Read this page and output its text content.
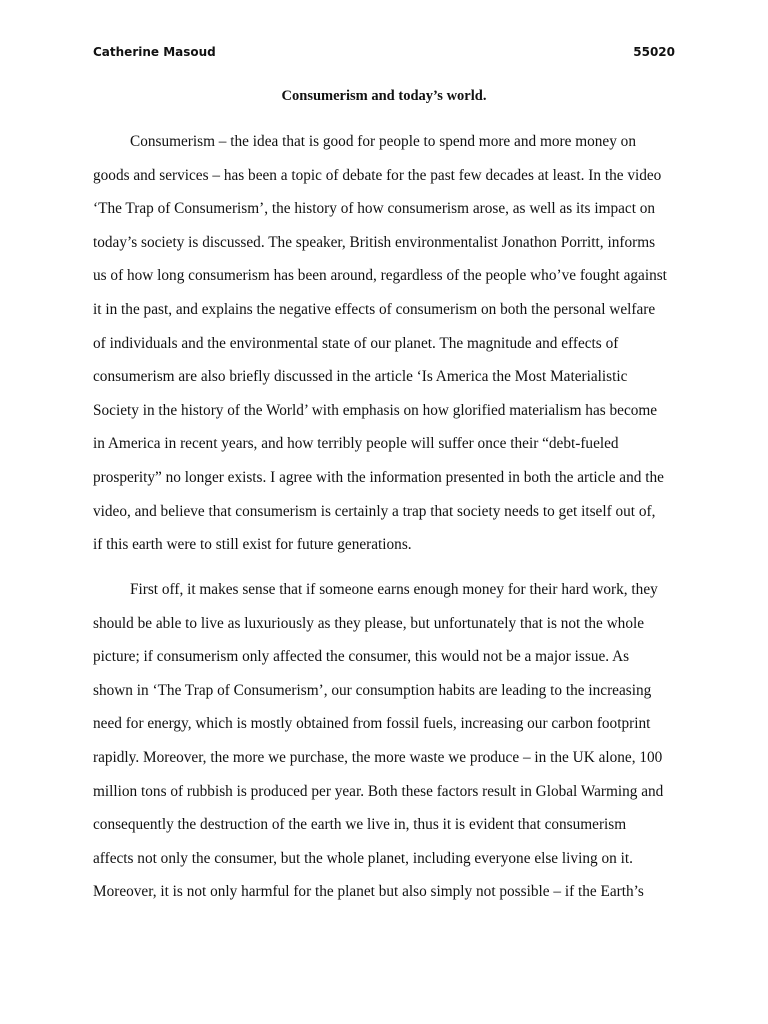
Catherine Masoud	55020
Consumerism and today’s world.
Consumerism – the idea that is good for people to spend more and more money on
goods and services – has been a topic of debate for the past few decades at least. In the video
‘The Trap of Consumerism’, the history of how consumerism arose, as well as its impact on
today’s society is discussed. The speaker, British environmentalist Jonathon Porritt, informs
us of how long consumerism has been around, regardless of the people who’ve fought against
it in the past, and explains the negative effects of consumerism on both the personal welfare
of individuals and the environmental state of our planet. The magnitude and effects of
consumerism are also briefly discussed in the article ‘Is America the Most Materialistic
Society in the history of the World’ with emphasis on how glorified materialism has become
in America in recent years, and how terribly people will suffer once their “debt-fueled
prosperity” no longer exists. I agree with the information presented in both the article and the
video, and believe that consumerism is certainly a trap that society needs to get itself out of,
if this earth were to still exist for future generations.
First off, it makes sense that if someone earns enough money for their hard work, they
should be able to live as luxuriously as they please, but unfortunately that is not the whole
picture; if consumerism only affected the consumer, this would not be a major issue. As
shown in ‘The Trap of Consumerism’, our consumption habits are leading to the increasing
need for energy, which is mostly obtained from fossil fuels, increasing our carbon footprint
rapidly. Moreover, the more we purchase, the more waste we produce – in the UK alone, 100
million tons of rubbish is produced per year. Both these factors result in Global Warming and
consequently the destruction of the earth we live in, thus it is evident that consumerism
affects not only the consumer, but the whole planet, including everyone else living on it.
Moreover, it is not only harmful for the planet but also simply not possible – if the Earth’s
